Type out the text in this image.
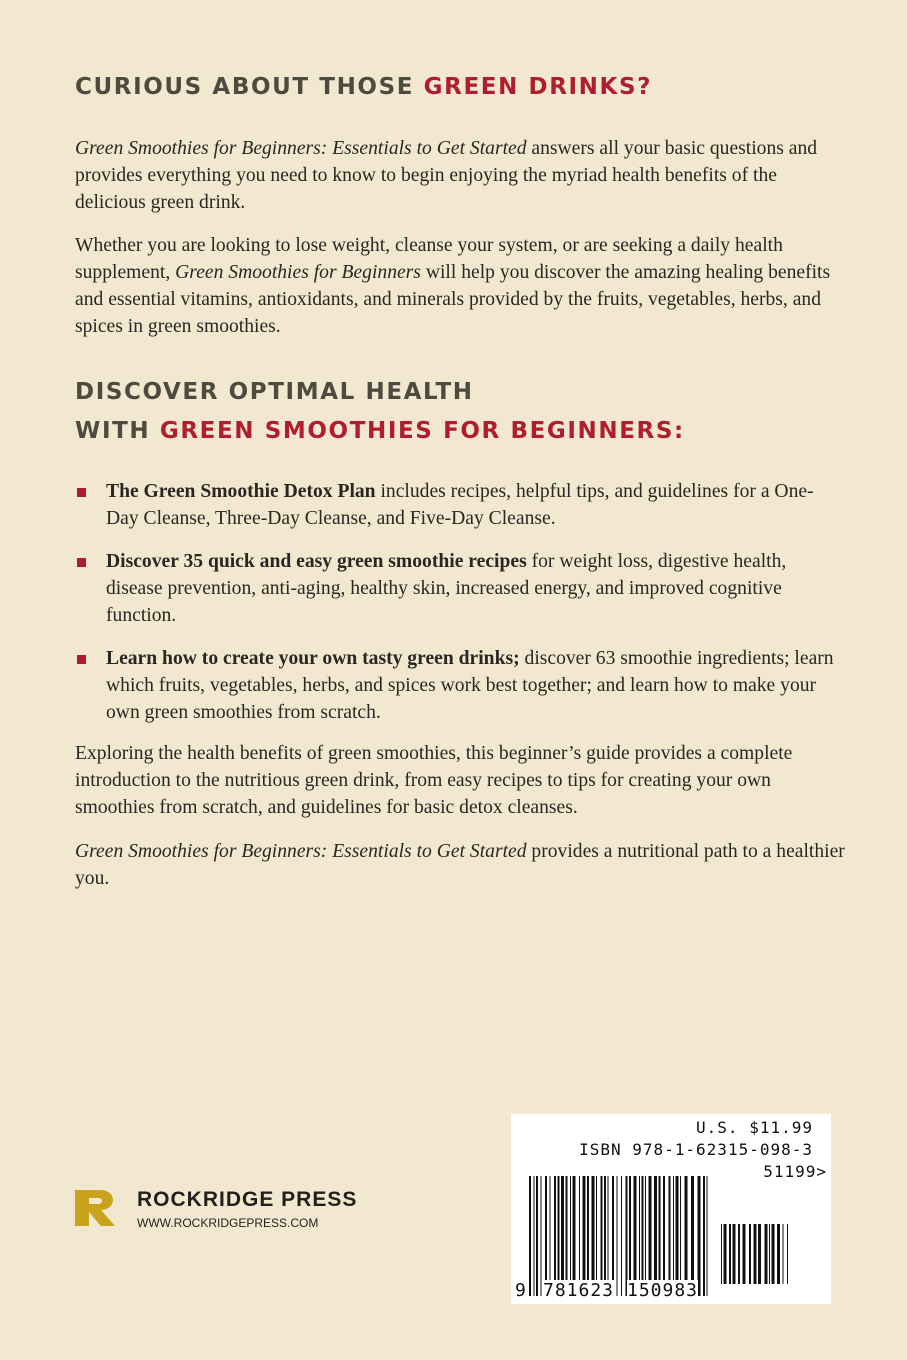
CURIOUS ABOUT THOSE GREEN DRINKS?

Green Smoothies for Beginners: Essentials to Get Started answers all your basic questions and provides everything you need to know to begin enjoying the myriad health benefits of the delicious green drink.

Whether you are looking to lose weight, cleanse your system, or are seeking a daily health supplement, Green Smoothies for Beginners will help you discover the amazing healing benefits and essential vitamins, antioxidants, and minerals provided by the fruits, vegetables, herbs, and spices in green smoothies.

DISCOVER OPTIMAL HEALTH
WITH GREEN SMOOTHIES FOR BEGINNERS:
The Green Smoothie Detox Plan includes recipes, helpful tips, and guidelines for a One-Day Cleanse, Three-Day Cleanse, and Five-Day Cleanse.
Discover 35 quick and easy green smoothie recipes for weight loss, digestive health, disease prevention, anti-aging, healthy skin, increased energy, and improved cognitive function.
Learn how to create your own tasty green drinks; discover 63 smoothie ingredients; learn which fruits, vegetables, herbs, and spices work best together; and learn how to make your own green smoothies from scratch.

Exploring the health benefits of green smoothies, this beginner’s guide provides a complete introduction to the nutritious green drink, from easy recipes to tips for creating your own smoothies from scratch, and guidelines for basic detox cleanses.

Green Smoothies for Beginners: Essentials to Get Started provides a nutritional path to a healthier you.

ROCKRIDGE PRESS
WWW.ROCKRIDGEPRESS.COM
U.S. $11.99
ISBN 978-1-62315-098-3
51199>
9 781623 150983
